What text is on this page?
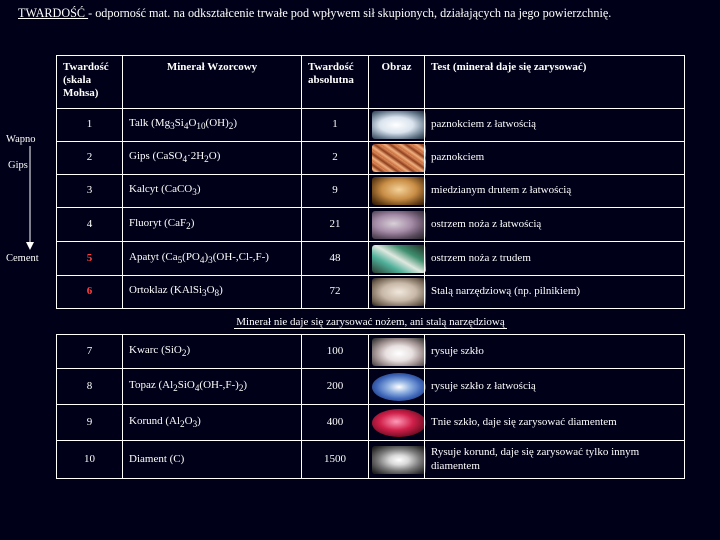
TWARDOŚĆ - odporność mat. na odkształcenie trwałe pod wpływem sił skupionych, działających na jego powierzchnię.
Wapno
Gips
Cement
Twardość (skala Mohsa)	Minerał Wzorcowy	Twardość absolutna	Obraz	Test (minerał daje się zarysować)
1	Talk $(Mg_3Si_4O_{10}(OH)_2)$	1		paznokciem z łatwością
2	Gips $(CaSO_4\cdot 2H_2O)$	2		paznokciem
3	Kalcyt (CaCO$_3$)	9		miedzianym drutem z łatwością
4	Fluoryt (CaF$_2$)	21		ostrzem noża z łatwością
5	Apatyt ($Ca_5(PO_4)_3(OH-,Cl-,F-)$	48		ostrzem noża z trudem
6	Ortoklaz $(KAlSi_3O_8)$	72		Stalą narzędziową (np. pilnikiem)
Minerał nie daje się zarysować nożem, ani stalą narzędziową				
7	Kwarc (SiO$_2$)	100		rysuje szkło
8	Topaz $(Al_2SiO_4(OH-,F-)_2)$	200		rysuje szkło z łatwością
9	Korund $(Al_2O_3)$	400		Tnie szkło, daje się zarysować diamentem
10	Diament (C)	1500		Rysuje korund, daje się zarysować tylko innym diamentem
